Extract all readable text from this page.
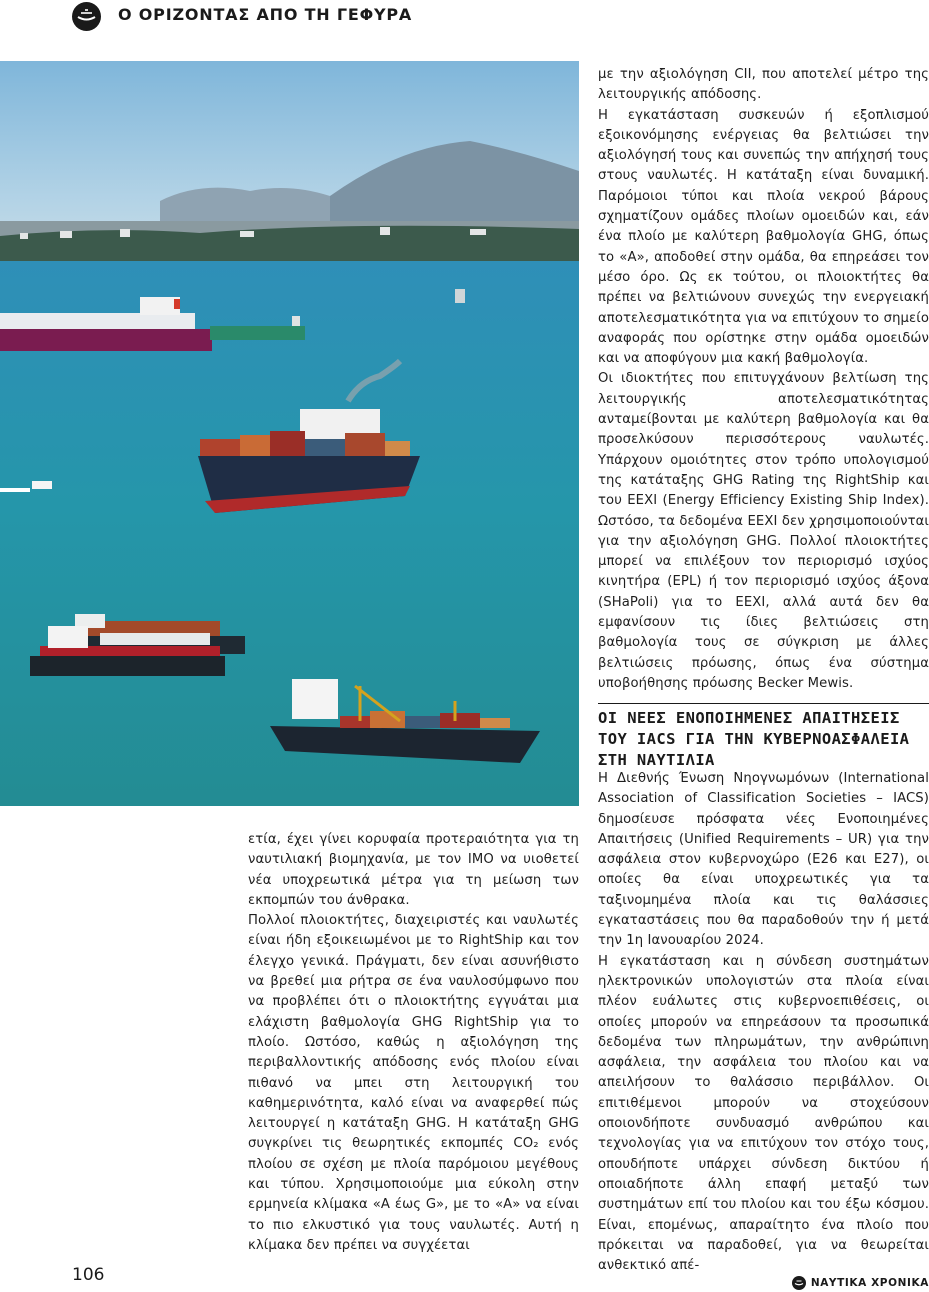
Ο ΟΡΙΖΟΝΤΑΣ ΑΠΟ ΤΗ ΓΕΦΥΡΑ

ετία, έχει γίνει κορυφαία προτεραιότητα για τη ναυτιλιακή βιομηχανία, με τον ΙΜΟ να υιοθετεί νέα υποχρεωτικά μέτρα για τη μείωση των εκπομπών του άνθρακα.

Πολλοί πλοιοκτήτες, διαχειριστές και ναυλωτές είναι ήδη εξοικειωμένοι με το RightShip και τον έλεγχο γενικά. Πράγματι, δεν είναι ασυνήθιστο να βρεθεί μια ρήτρα σε ένα ναυλοσύμφωνο που να προβλέπει ότι ο πλοιοκτήτης εγγυάται μια ελάχιστη βαθμολογία GHG RightShip για το πλοίο. Ωστόσο, καθώς η αξιολόγηση της περιβαλλοντικής απόδοσης ενός πλοίου είναι πιθανό να μπει στη λειτουργική του καθημερινότητα, καλό είναι να αναφερθεί πώς λειτουργεί η κατάταξη GHG. Η κατάταξη GHG συγκρίνει τις θεωρητικές εκπομπές CO₂ ενός πλοίου σε σχέση με πλοία παρόμοιου μεγέθους και τύπου. Χρησιμοποιούμε μια εύκολη στην ερμηνεία κλίμακα «A έως G», με το «A» να είναι το πιο ελκυστικό για τους ναυλωτές. Αυτή η κλίμακα δεν πρέπει να συγχέεται

με την αξιολόγηση CII, που αποτελεί μέτρο της λειτουργικής απόδοσης.

Η εγκατάσταση συσκευών ή εξοπλισμού εξοικονόμησης ενέργειας θα βελτιώσει την αξιολόγησή τους και συνεπώς την απήχησή τους στους ναυλωτές. Η κατάταξη είναι δυναμική. Παρόμοιοι τύποι και πλοία νεκρού βάρους σχηματίζουν ομάδες πλοίων ομοειδών και, εάν ένα πλοίο με καλύτερη βαθμολογία GHG, όπως το «A», αποδοθεί στην ομάδα, θα επηρεάσει τον μέσο όρο. Ως εκ τούτου, οι πλοιοκτήτες θα πρέπει να βελτιώνουν συνεχώς την ενεργειακή αποτελεσματικότητα για να επιτύχουν το σημείο αναφοράς που ορίστηκε στην ομάδα ομοειδών και να αποφύγουν μια κακή βαθμολογία.

Οι ιδιοκτήτες που επιτυγχάνουν βελτίωση της λειτουργικής αποτελεσματικότητας ανταμείβονται με καλύτερη βαθμολογία και θα προσελκύσουν περισσότερους ναυλωτές. Υπάρχουν ομοιότητες στον τρόπο υπολογισμού της κατάταξης GHG Rating της RightShip και του EEXI (Energy Efficiency Existing Ship Index). Ωστόσο, τα δεδομένα EEXI δεν χρησιμοποιούνται για την αξιολόγηση GHG. Πολλοί πλοιοκτήτες μπορεί να επιλέξουν τον περιορισμό ισχύος κινητήρα (EPL) ή τον περιορισμό ισχύος άξονα (SHaPoli) για το EEXI, αλλά αυτά δεν θα εμφανίσουν τις ίδιες βελτιώσεις στη βαθμολογία τους σε σύγκριση με άλλες βελτιώσεις πρόωσης, όπως ένα σύστημα υποβοήθησης πρόωσης Becker Mewis.

ΟΙ ΝΕΕΣ ΕΝΟΠΟΙΗΜΕΝΕΣ ΑΠΑΙΤΗΣΕΙΣ ΤΟΥ IACS ΓΙΑ ΤΗΝ ΚΥΒΕΡΝΟΑΣΦΑΛΕΙΑ ΣΤΗ ΝΑΥΤΙΛΙΑ

Η Διεθνής Ένωση Νηογνωμόνων (International Association of Classification Societies – IACS) δημοσίευσε πρόσφατα νέες Ενοποιημένες Απαιτήσεις (Unified Requirements – UR) για την ασφάλεια στον κυβερνοχώρο (E26 και E27), οι οποίες θα είναι υποχρεωτικές για τα ταξινομημένα πλοία και τις θαλάσσιες εγκαταστάσεις που θα παραδοθούν την ή μετά την 1η Ιανουαρίου 2024.

Η εγκατάσταση και η σύνδεση συστημάτων ηλεκτρονικών υπολογιστών στα πλοία είναι πλέον ευάλωτες στις κυβερνοεπιθέσεις, οι οποίες μπορούν να επηρεάσουν τα προσωπικά δεδομένα των πληρωμάτων, την ανθρώπινη ασφάλεια, την ασφάλεια του πλοίου και να απειλήσουν το θαλάσσιο περιβάλλον. Οι επιτιθέμενοι μπορούν να στοχεύσουν οποιονδήποτε συνδυασμό ανθρώπου και τεχνολογίας για να επιτύχουν τον στόχο τους, οπουδήποτε υπάρχει σύνδεση δικτύου ή οποιαδήποτε άλλη επαφή μεταξύ των συστημάτων επί του πλοίου και του έξω κόσμου. Είναι, επομένως, απαραίτητο ένα πλοίο που πρόκειται να παραδοθεί, για να θεωρείται ανθεκτικό απέ-

106	ΝΑΥΤΙΚΑ ΧΡΟΝΙΚΑ
